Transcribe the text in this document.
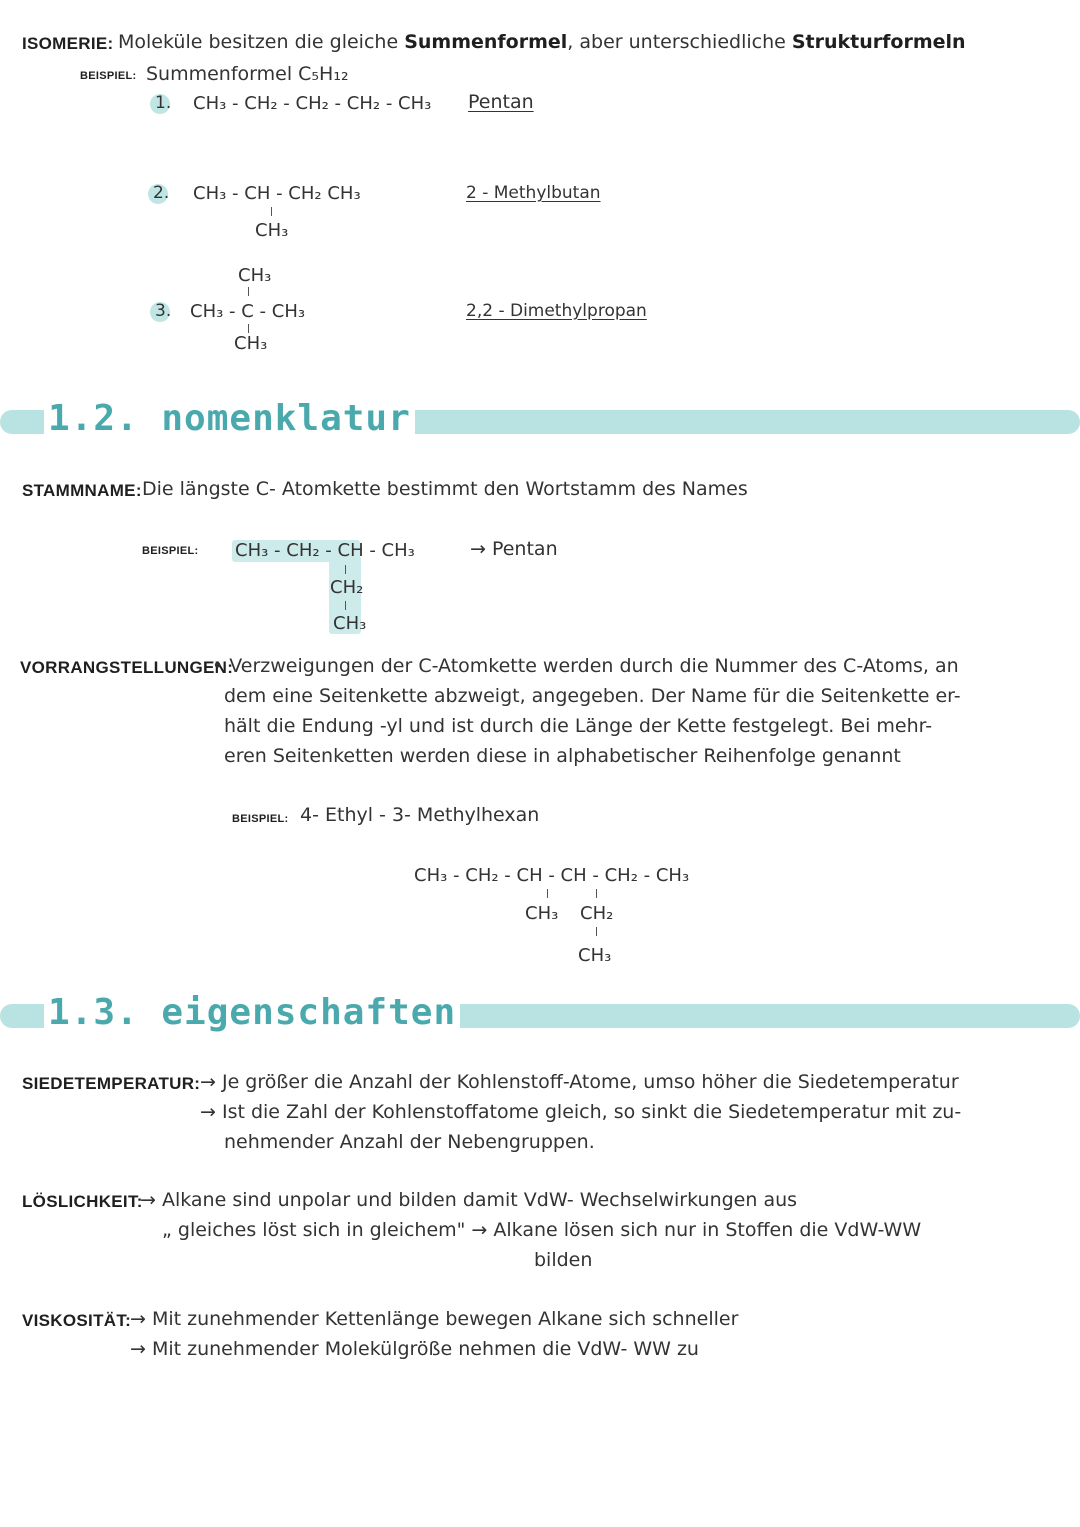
ISOMERIE: Moleküle besitzen die gleiche Summenformel, aber unterschiedliche Strukturformeln
BEISPIEL: Summenformel C₅H₁₂
1. CH₃ - CH₂ - CH₂ - CH₂ - CH₃ Pentan
2. CH₃ - CH - CH₂ CH₃
CH₃
2 - Methylbutan
CH₃
3. CH₃ - C - CH₃
CH₃
2,2 - Dimethylpropan
1.2. nomenklatur
STAMMNAME: Die längste C- Atomkette bestimmt den Wortstamm des Names
BEISPIEL: CH₃ - CH₂ - CH - CH₃
CH₂
CH₃
→ Pentan
VORRANGSTELLUNGEN:
• Verzweigungen der C-Atomkette werden durch die Nummer des C-Atoms, an
dem eine Seitenkette abzweigt, angegeben. Der Name für die Seitenkette er-
hält die Endung -yl und ist durch die Länge der Kette festgelegt. Bei mehr-
eren Seitenketten werden diese in alphabetischer Reihenfolge genannt
BEISPIEL: 4- Ethyl - 3- Methylhexan
CH₃ - CH₂ - CH - CH - CH₂ - CH₃
CH₃ CH₂
CH₃
1.3. eigenschaften
SIEDETEMPERATUR: → Je größer die Anzahl der Kohlenstoff-Atome, umso höher die Siedetemperatur
→ Ist die Zahl der Kohlenstoffatome gleich, so sinkt die Siedetemperatur mit zu-
nehmender Anzahl der Nebengruppen.
LÖSLICHKEIT:
→ Alkane sind unpolar und bilden damit VdW- Wechselwirkungen aus
„ gleiches löst sich in gleichem" → Alkane lösen sich nur in Stoffen die VdW-WW
bilden
VISKOSITÄT:
→ Mit zunehmender Kettenlänge bewegen Alkane sich schneller
→ Mit zunehmender Molekülgröße nehmen die VdW- WW zu
